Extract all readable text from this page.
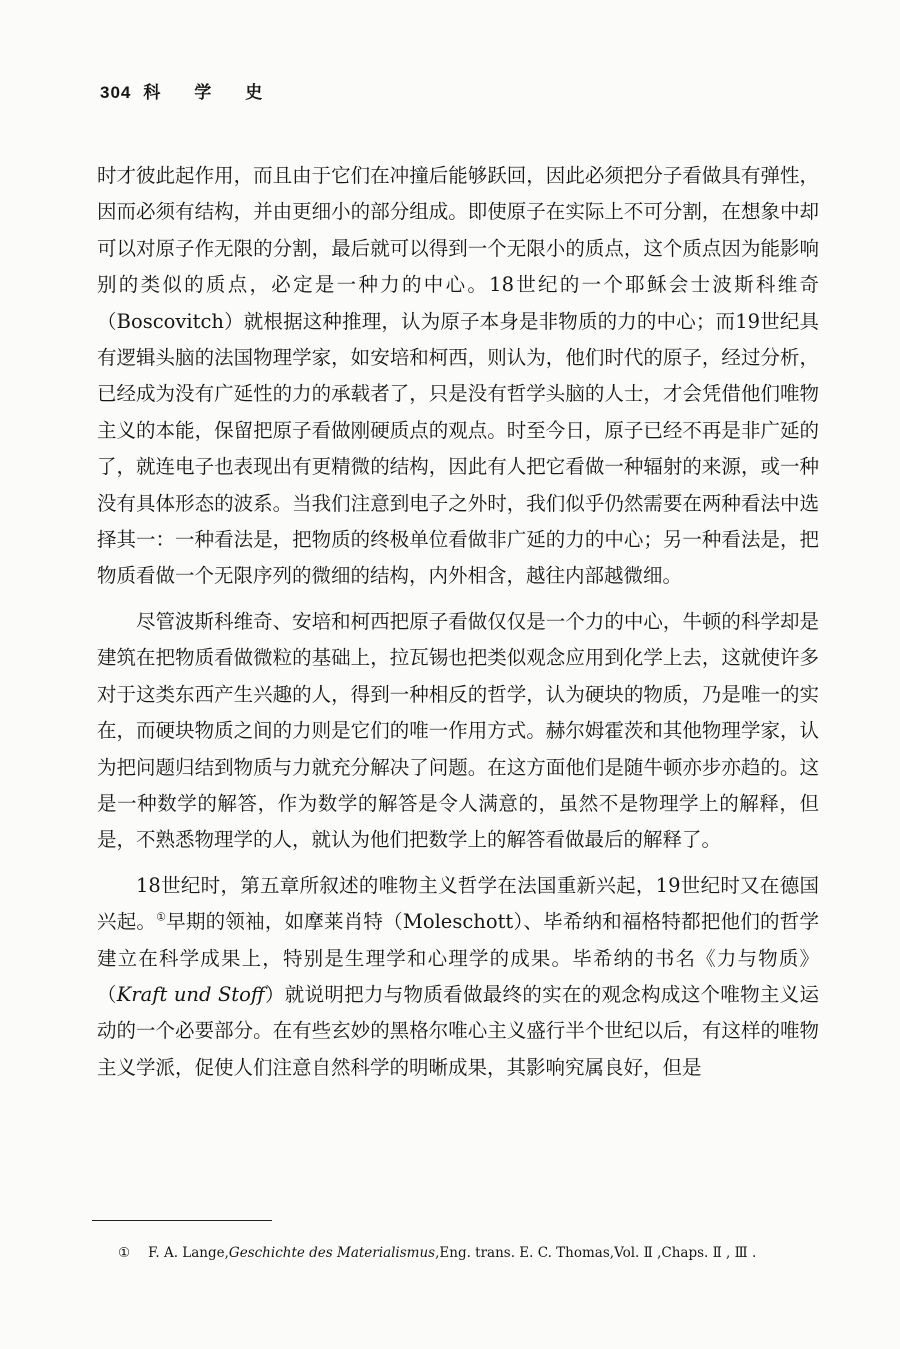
304 科 学 史

时才彼此起作用，而且由于它们在冲撞后能够跃回，因此必须把分子看做具有弹性，因而必须有结构，并由更细小的部分组成。即使原子在实际上不可分割，在想象中却可以对原子作无限的分割，最后就可以得到一个无限小的质点，这个质点因为能影响别的类似的质点，必定是一种力的中心。18世纪的一个耶稣会士波斯科维奇（Boscovitch）就根据这种推理，认为原子本身是非物质的力的中心；而19世纪具有逻辑头脑的法国物理学家，如安培和柯西，则认为，他们时代的原子，经过分析，已经成为没有广延性的力的承载者了，只是没有哲学头脑的人士，才会凭借他们唯物主义的本能，保留把原子看做刚硬质点的观点。时至今日，原子已经不再是非广延的了，就连电子也表现出有更精微的结构，因此有人把它看做一种辐射的来源，或一种没有具体形态的波系。当我们注意到电子之外时，我们似乎仍然需要在两种看法中选择其一：一种看法是，把物质的终极单位看做非广延的力的中心；另一种看法是，把物质看做一个无限序列的微细的结构，内外相含，越往内部越微细。

尽管波斯科维奇、安培和柯西把原子看做仅仅是一个力的中心，牛顿的科学却是建筑在把物质看做微粒的基础上，拉瓦锡也把类似观念应用到化学上去，这就使许多对于这类东西产生兴趣的人，得到一种相反的哲学，认为硬块的物质，乃是唯一的实在，而硬块物质之间的力则是它们的唯一作用方式。赫尔姆霍茨和其他物理学家，认为把问题归结到物质与力就充分解决了问题。在这方面他们是随牛顿亦步亦趋的。这是一种数学的解答，作为数学的解答是令人满意的，虽然不是物理学上的解释，但是，不熟悉物理学的人，就认为他们把数学上的解答看做最后的解释了。

18世纪时，第五章所叙述的唯物主义哲学在法国重新兴起，19世纪时又在德国兴起。①早期的领袖，如摩莱肖特（Moleschott）、毕希纳和福格特都把他们的哲学建立在科学成果上，特别是生理学和心理学的成果。毕希纳的书名《力与物质》（Kraft und Stoff）就说明把力与物质看做最终的实在的观念构成这个唯物主义运动的一个必要部分。在有些玄妙的黑格尔唯心主义盛行半个世纪以后，有这样的唯物主义学派，促使人们注意自然科学的明晰成果，其影响究属良好，但是

① F. A. Lange,Geschichte des Materialismus,Eng. trans. E. C. Thomas,Vol. Ⅱ ,Chaps. Ⅱ , Ⅲ .
